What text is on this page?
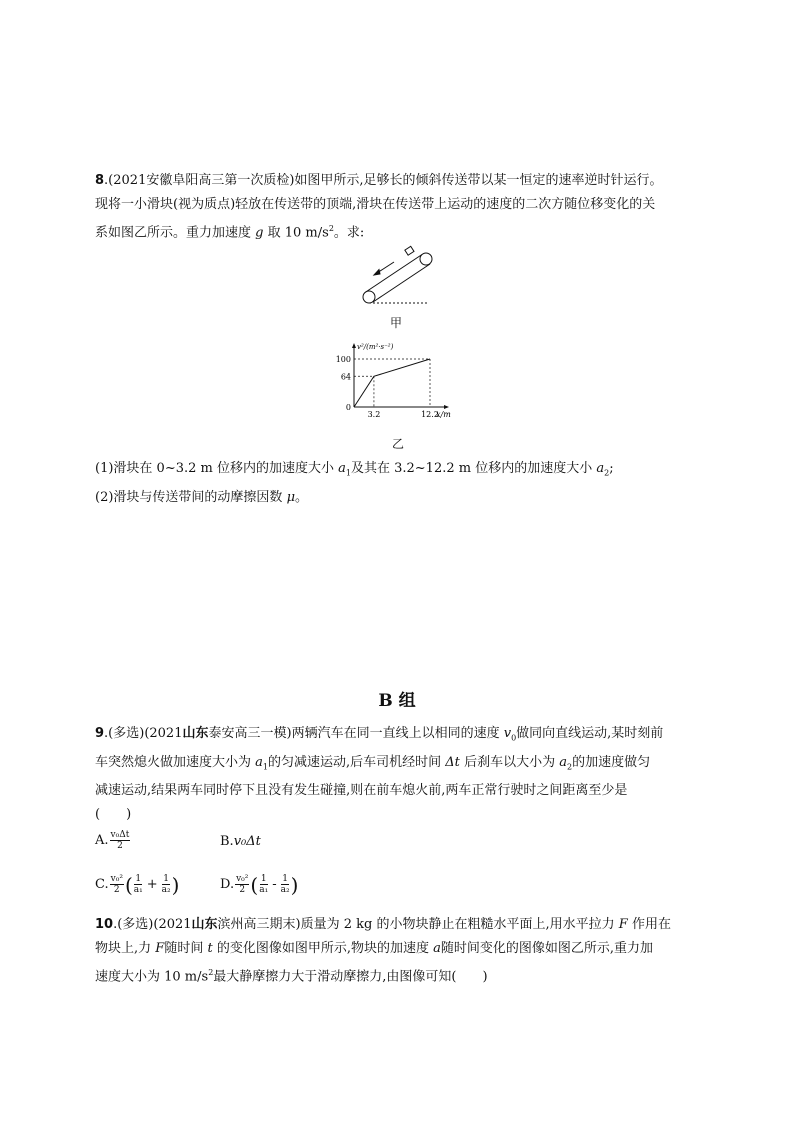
8.(2021安徽阜阳高三第一次质检)如图甲所示,足够长的倾斜传送带以某一恒定的速率逆时针运行。
现将一小滑块(视为质点)轻放在传送带的顶端,滑块在传送带上运动的速度的二次方随位移变化的关
系如图乙所示。重力加速度 g 取 10 $m/s^2$。求:
甲
0
64
100
3.2	12.2
v²/(m²·s⁻²)
x/m
乙
(1)滑块在 0~3.2 m 位移内的加速度大小 $a_1$及其在 3.2~12.2 m 位移内的加速度大小 $a_2$;
(2)滑块与传送带间的动摩擦因数 μ。
B 组
9.(多选)(2021山东泰安高三一模)两辆汽车在同一直线上以相同的速度 $v_0$做同向直线运动,某时刻前
车突然熄火做加速度大小为 $a_1$的匀减速运动,后车司机经时间 Δt 后刹车以大小为 $a_2$的加速度做匀
减速运动,结果两车同时停下且没有发生碰撞,则在前车熄火前,两车正常行驶时之间距离至少是
(　　)
A. $\frac{\text{v₀Δt}}{2}$	B. v₀Δt
C. $\frac{\text{v₀²}}{2}$ ( $\frac{1}{\text{a₁}} + \frac{1}{\text{a₂}}$ )	D. $\frac{\text{v₀²}}{2}$ ( $\frac{1}{\text{a₁}} - \frac{1}{\text{a₂}}$ )
10.(多选)(2021山东滨州高三期末)质量为 2 kg 的小物块静止在粗糙水平面上,用水平拉力 F 作用在
物块上,力 F随时间 t 的变化图像如图甲所示,物块的加速度 a随时间变化的图像如图乙所示,重力加
速度大小为 10 $m/s^2$最大静摩擦力大于滑动摩擦力,由图像可知(　　)
